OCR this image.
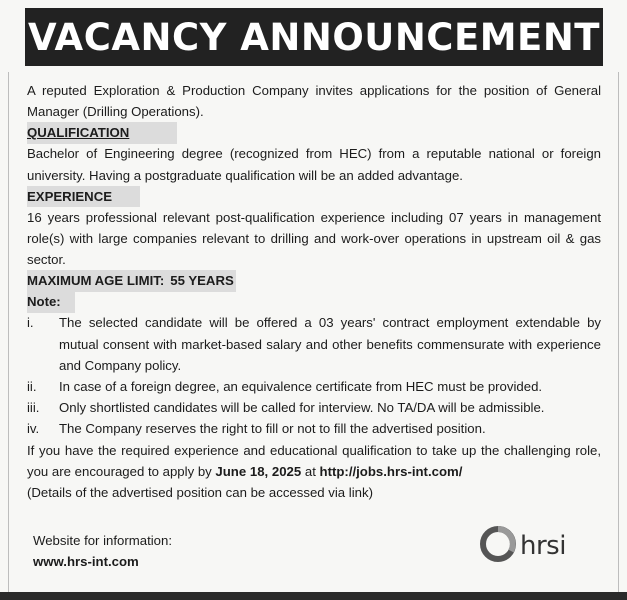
VACANCY ANNOUNCEMENT

A reputed Exploration & Production Company invites applications for the position of General Manager (Drilling Operations).

QUALIFICATION

Bachelor of Engineering degree (recognized from HEC) from a reputable national or foreign university. Having a postgraduate qualification will be an added advantage.

EXPERIENCE

16 years professional relevant post-qualification experience including 07 years in management role(s) with large companies relevant to drilling and work-over operations in upstream oil & gas sector.

MAXIMUM AGE LIMIT: 55 YEARS
Note:
i.	The selected candidate will be offered a 03 years' contract employment extendable by mutual consent with market-based salary and other benefits commensurate with experience and Company policy.
ii.	In case of a foreign degree, an equivalence certificate from HEC must be provided.
iii.	Only shortlisted candidates will be called for interview. No TA/DA will be admissible.
iv.	The Company reserves the right to fill or not to fill the advertised position.

If you have the required experience and educational qualification to take up the challenging role, you are encouraged to apply by June 18, 2025 at http://jobs.hrs-int.com/

(Details of the advertised position can be accessed via link)

Website for information:
www.hrs-int.com
hrsi
